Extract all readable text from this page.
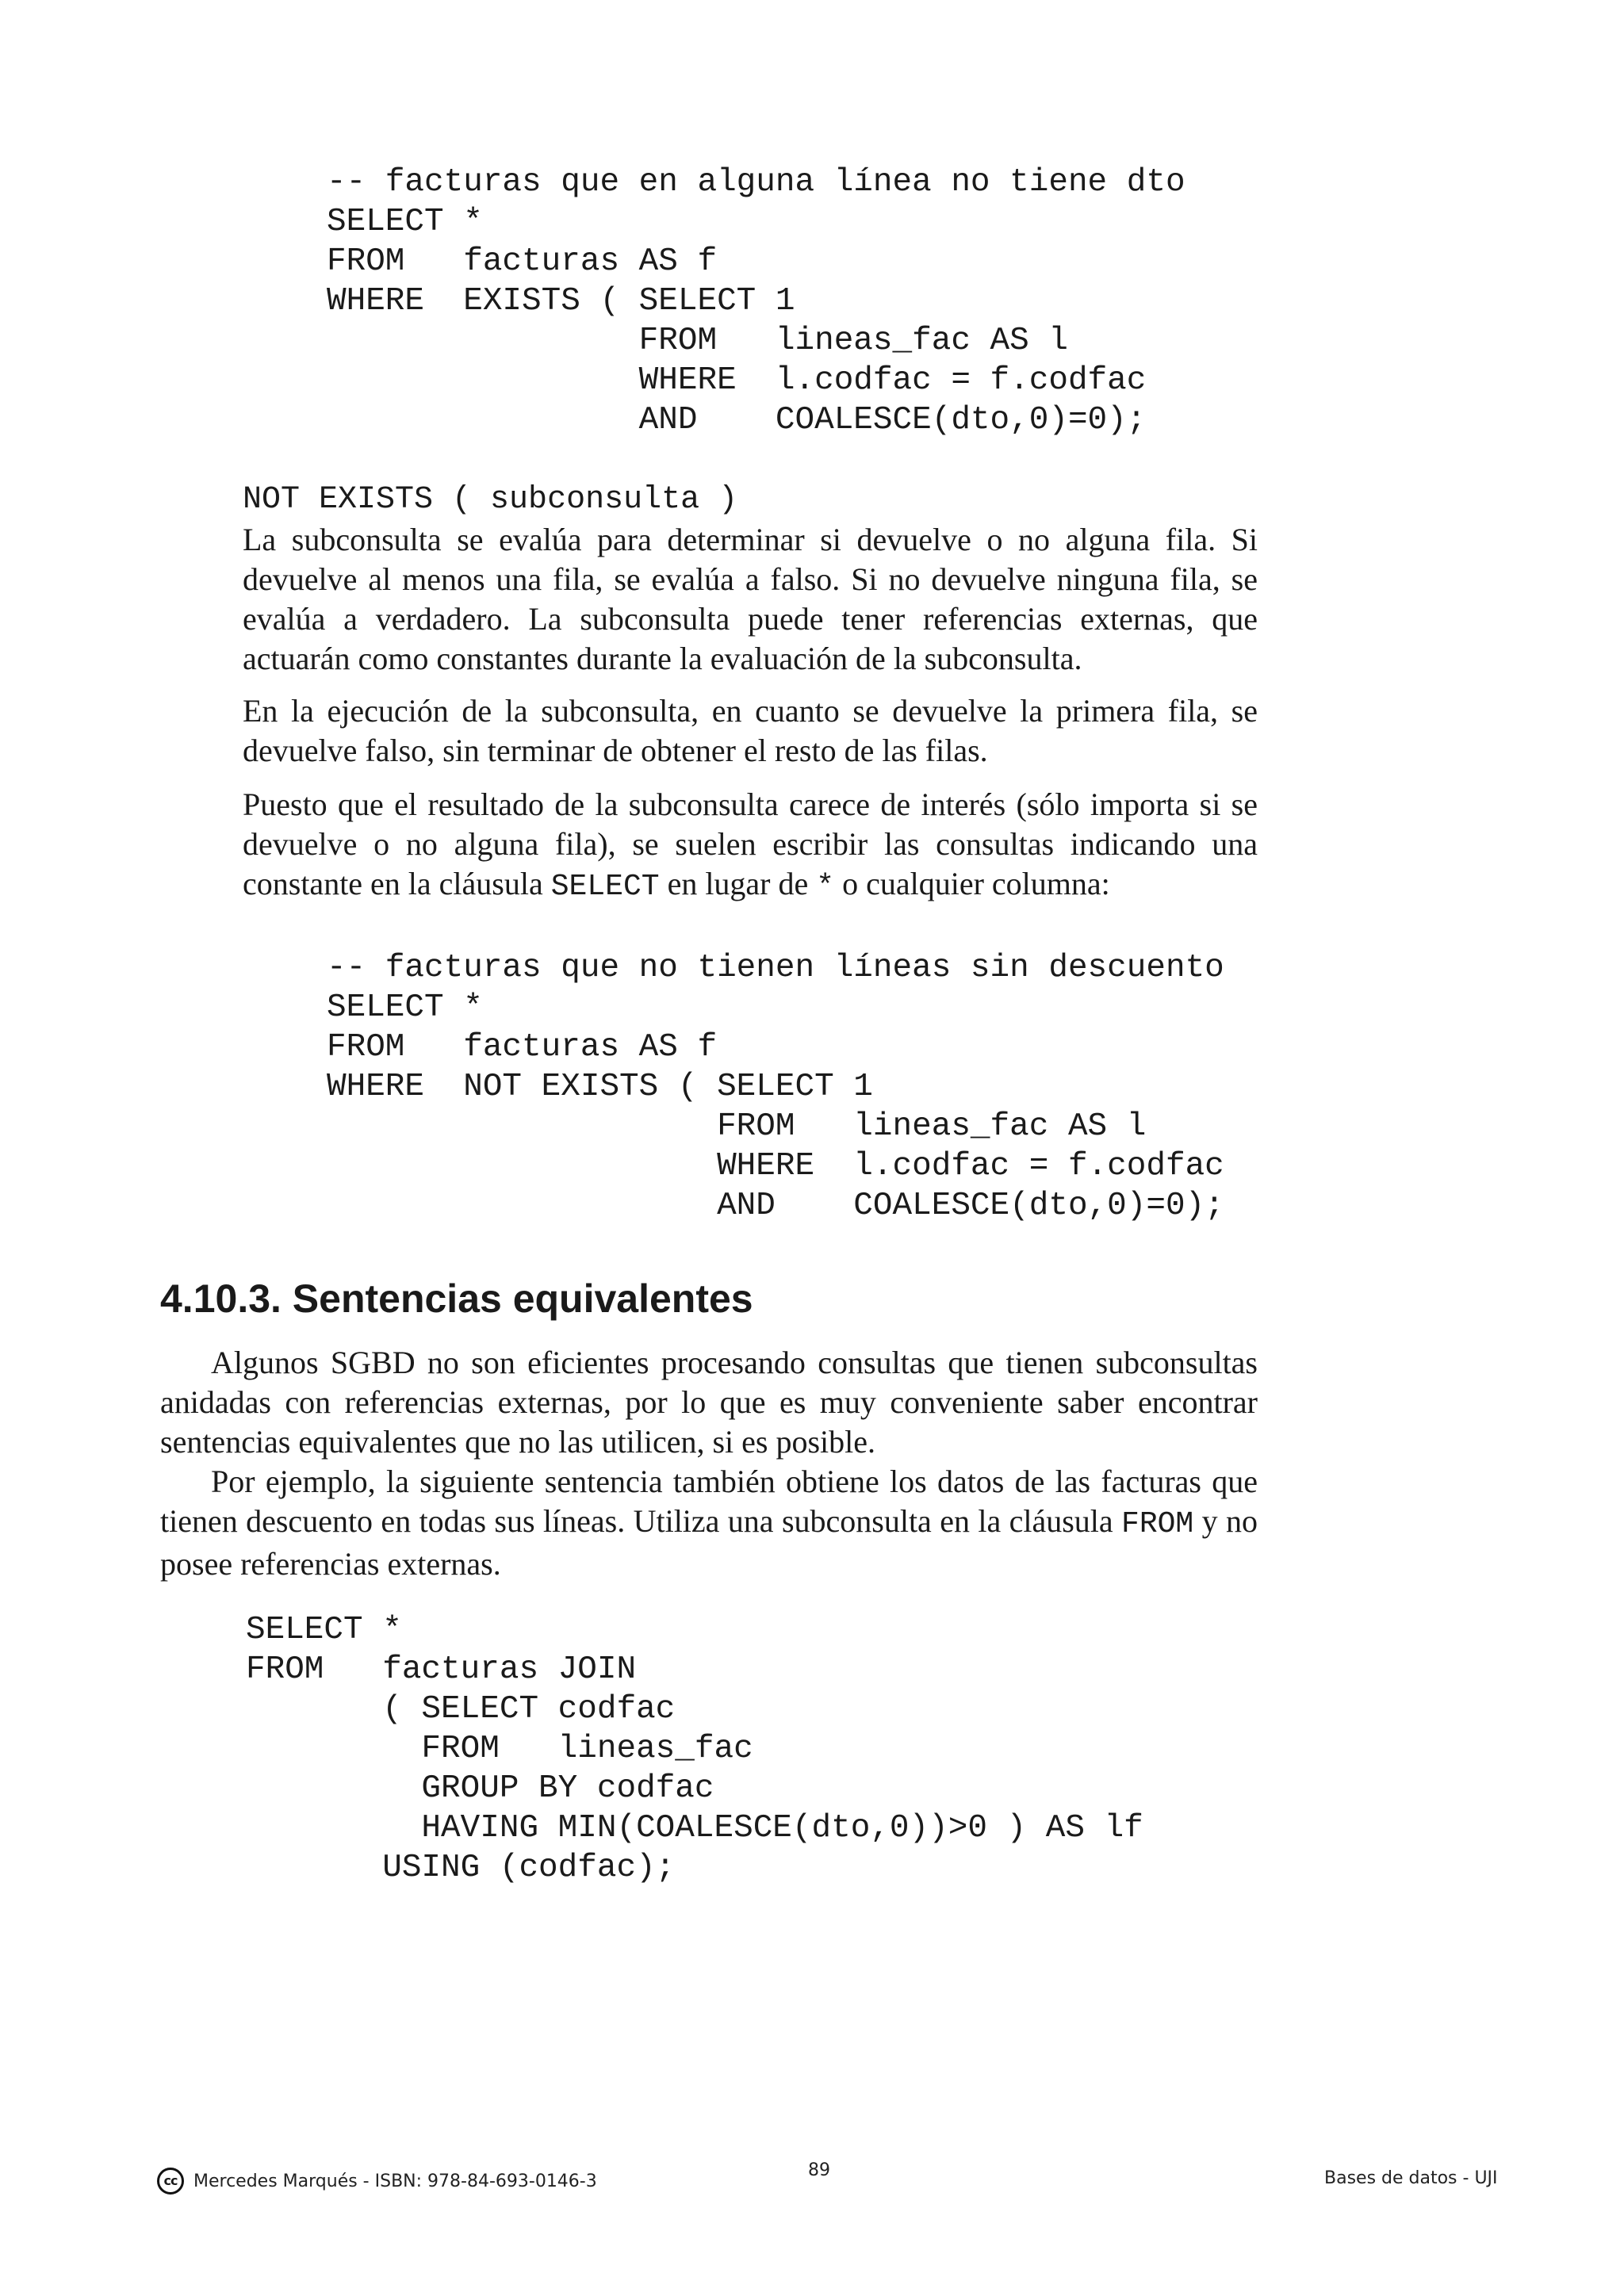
-- facturas que en alguna línea no tiene dto
SELECT *
FROM   facturas AS f
WHERE  EXISTS ( SELECT 1
FROM   lineas_fac AS l
WHERE  l.codfac = f.codfac
AND    COALESCE(dto,0)=0);
NOT EXISTS ( subconsulta )

La subconsulta se evalúa para determinar si devuelve o no alguna fila. Si devuelve al menos una fila, se evalúa a falso. Si no devuelve ninguna fila, se evalúa a verdadero. La subconsulta puede tener referencias externas, que actuarán como constantes durante la evaluación de la subconsulta.

En la ejecución de la subconsulta, en cuanto se devuelve la primera fila, se devuelve falso, sin terminar de obtener el resto de las filas.

Puesto que el resultado de la subconsulta carece de interés (sólo importa si se devuelve o no alguna fila), se suelen escribir las consultas indicando una constante en la cláusula SELECT en lugar de * o cualquier columna:

-- facturas que no tienen líneas sin descuento
SELECT *
FROM   facturas AS f
WHERE  NOT EXISTS ( SELECT 1
FROM   lineas_fac AS l
WHERE  l.codfac = f.codfac
AND    COALESCE(dto,0)=0);
4.10.3. Sentencias equivalentes

Algunos SGBD no son eficientes procesando consultas que tienen subconsultas anidadas con referencias externas, por lo que es muy conveniente saber encontrar sentencias equivalentes que no las utilicen, si es posible.

Por ejemplo, la siguiente sentencia también obtiene los datos de las facturas que tienen descuento en todas sus líneas. Utiliza una subconsulta en la cláusula FROM y no posee referencias externas.

SELECT *
FROM   facturas JOIN
( SELECT codfac
FROM   lineas_fac
GROUP BY codfac
HAVING MIN(COALESCE(dto,0))>0 ) AS lf
USING (codfac);
cc Mercedes Marqués - ISBN: 978-84-693-0146-3
89	Bases de datos - UJI
